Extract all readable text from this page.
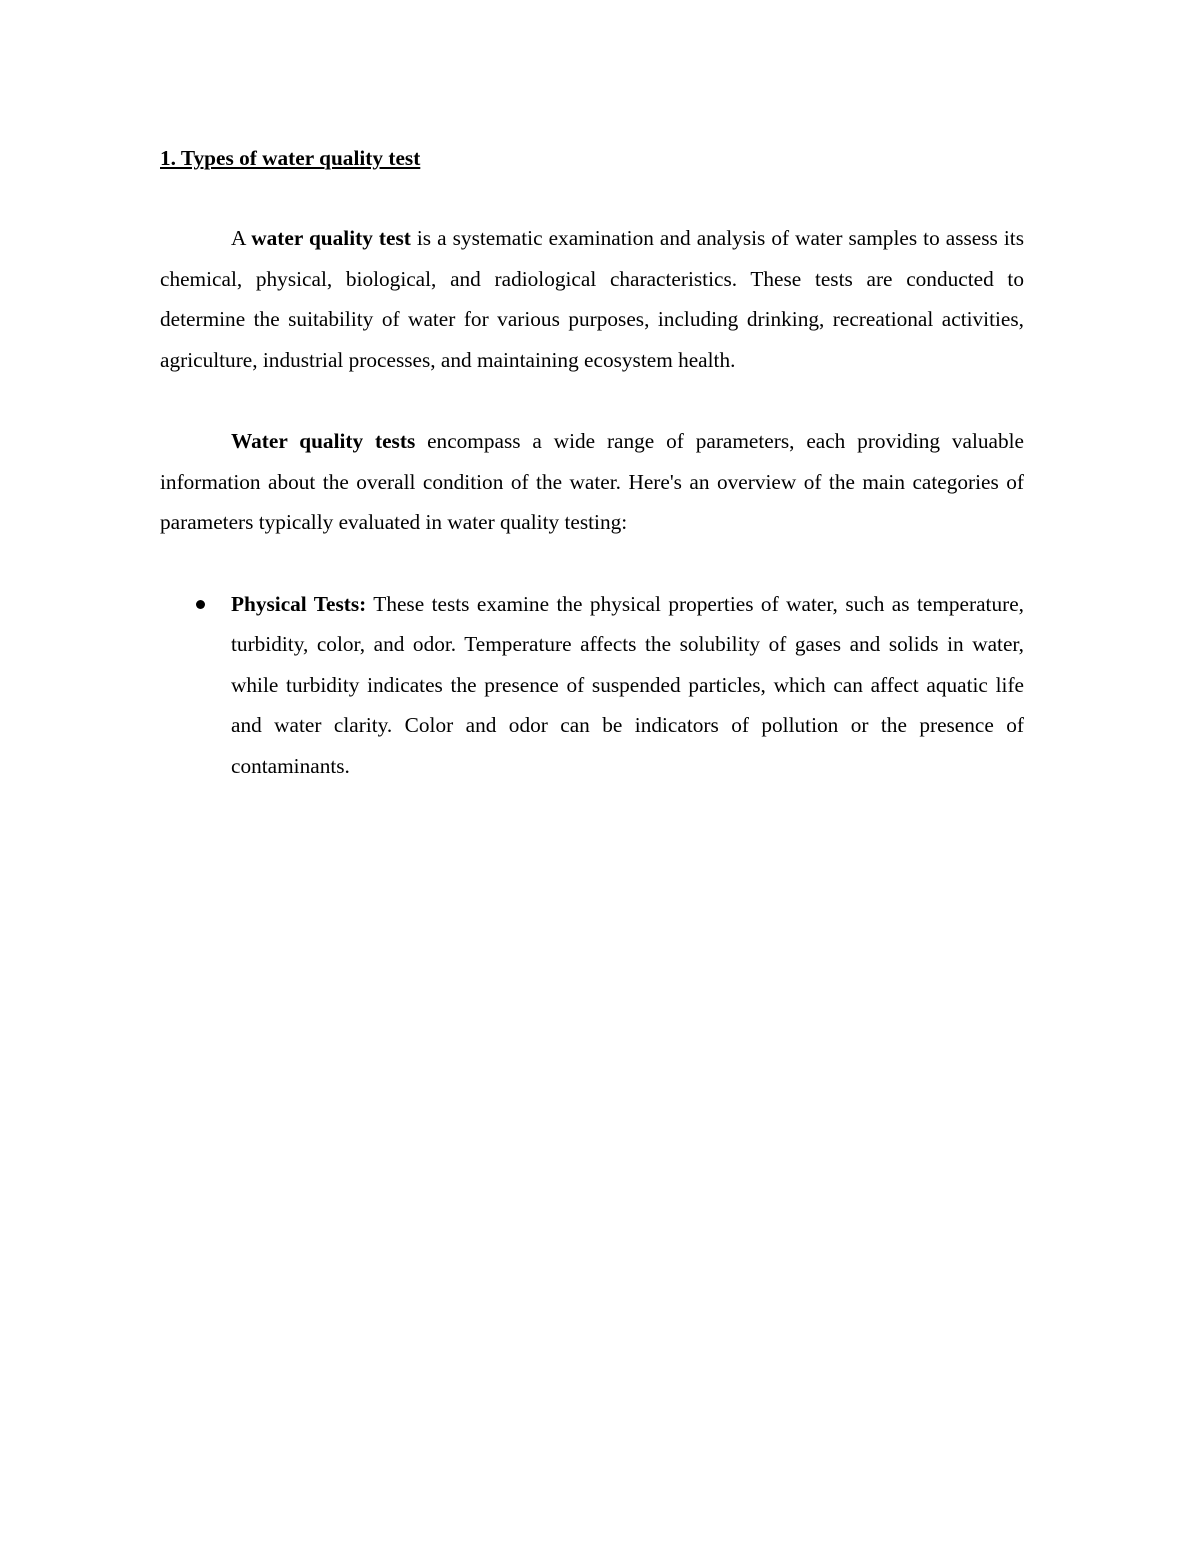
1. Types of water quality test

A water quality test is a systematic examination and analysis of water samples to assess its chemical, physical, biological, and radiological characteristics. These tests are conducted to determine the suitability of water for various purposes, including drinking, recreational activities, agriculture, industrial processes, and maintaining ecosystem health.

Water quality tests encompass a wide range of parameters, each providing valuable information about the overall condition of the water. Here's an overview of the main categories of parameters typically evaluated in water quality testing:

Physical Tests: These tests examine the physical properties of water, such as temperature, turbidity, color, and odor. Temperature affects the solubility of gases and solids in water, while turbidity indicates the presence of suspended particles, which can affect aquatic life and water clarity. Color and odor can be indicators of pollution or the presence of contaminants.
